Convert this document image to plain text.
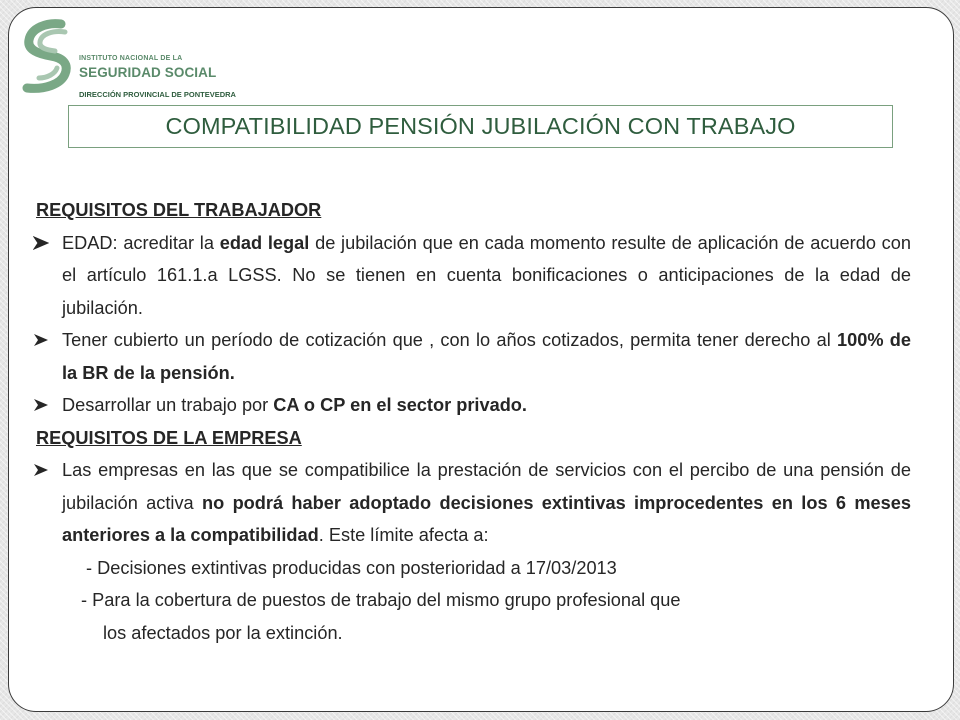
INSTITUTO NACIONAL DE LA
SEGURIDAD SOCIAL
DIRECCIÓN PROVINCIAL DE PONTEVEDRA
COMPATIBILIDAD PENSIÓN JUBILACIÓN CON TRABAJO
REQUISITOS DEL TRABAJADOR
EDAD: acreditar la edad legal de jubilación que en cada momento resulte de aplicación de acuerdo con el artículo 161.1.a LGSS. No se tienen en cuenta bonificaciones o anticipaciones de la edad de jubilación.
Tener cubierto un período de cotización que , con lo años cotizados, permita tener derecho al 100% de la BR de la pensión.
Desarrollar un trabajo por CA o CP en el sector privado.
REQUISITOS DE LA EMPRESA
Las empresas en las que se compatibilice la prestación de servicios con el percibo de una pensión de jubilación activa no podrá haber adoptado decisiones extintivas improcedentes en los 6 meses anteriores a la compatibilidad. Este límite afecta a:
- Decisiones extintivas producidas con posterioridad a 17/03/2013
- Para la cobertura de puestos de trabajo del mismo grupo profesional que
los afectados por la extinción.
